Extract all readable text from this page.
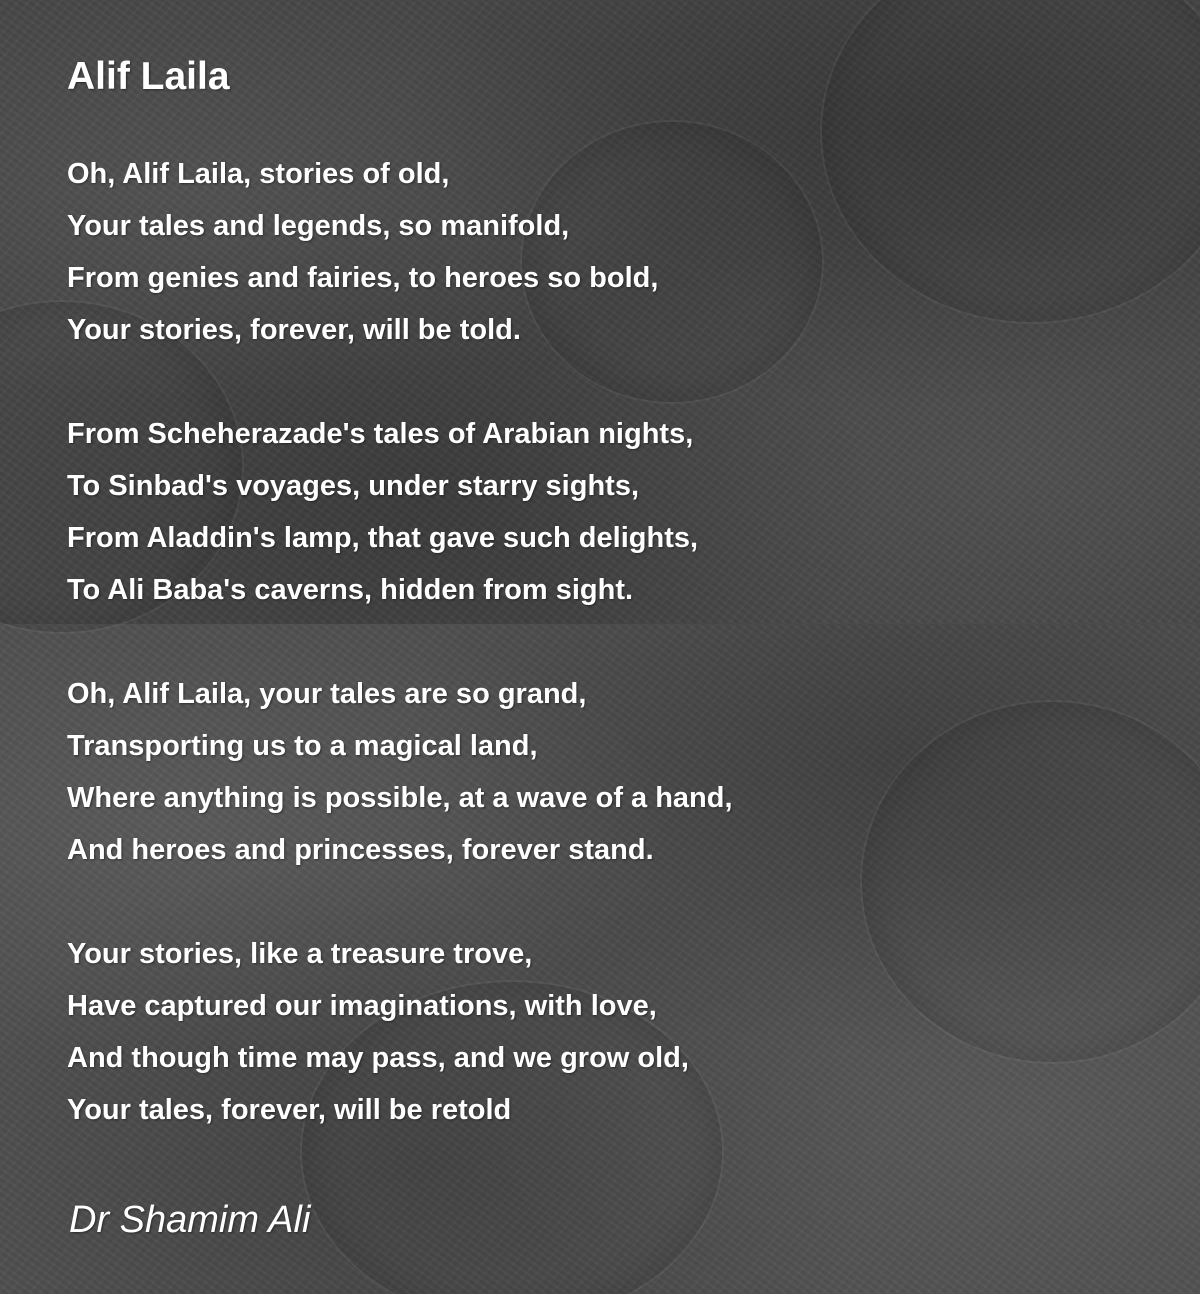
Alif Laila
Oh, Alif Laila, stories of old,
Your tales and legends, so manifold,
From genies and fairies, to heroes so bold,
Your stories, forever, will be told.
From Scheherazade's tales of Arabian nights,
To Sinbad's voyages, under starry sights,
From Aladdin's lamp, that gave such delights,
To Ali Baba's caverns, hidden from sight.
Oh, Alif Laila, your tales are so grand,
Transporting us to a magical land,
Where anything is possible, at a wave of a hand,
And heroes and princesses, forever stand.
Your stories, like a treasure trove,
Have captured our imaginations, with love,
And though time may pass, and we grow old,
Your tales, forever, will be retold
Dr Shamim Ali
